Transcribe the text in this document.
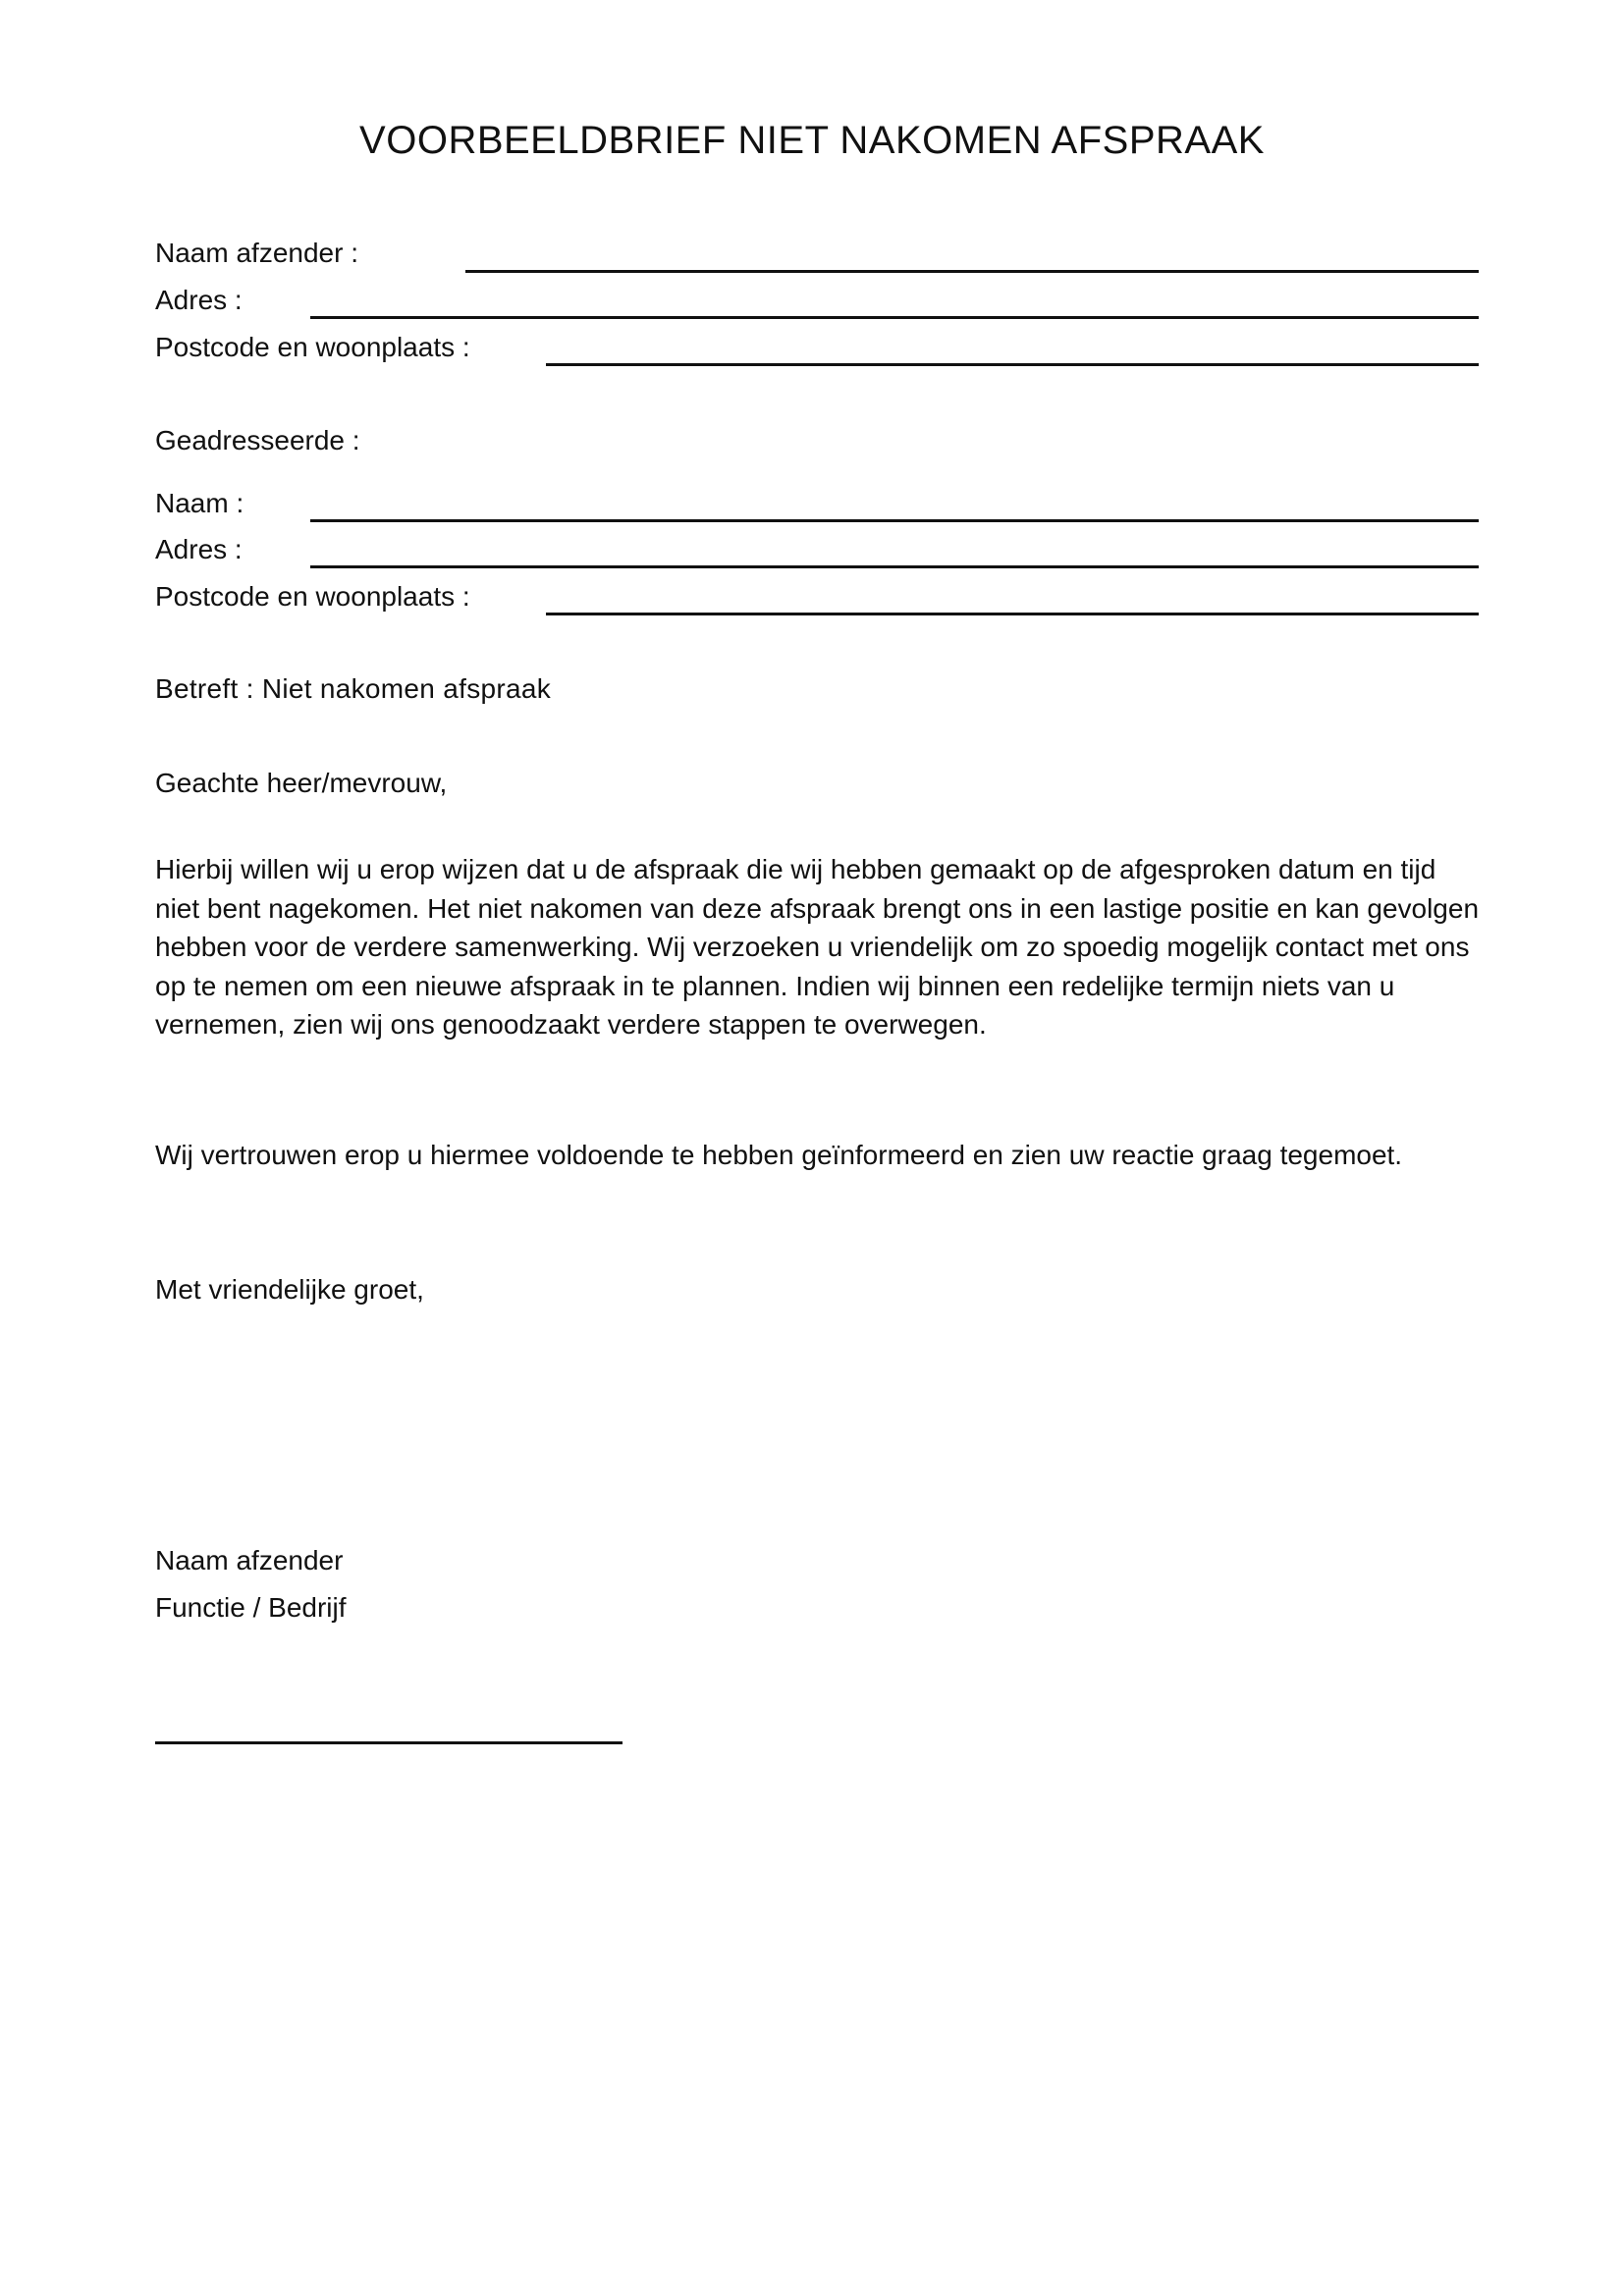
VOORBEELDBRIEF NIET NAKOMEN AFSPRAAK
Naam afzender :
Adres :
Postcode en woonplaats :
Geadresseerde :
Naam :
Adres :
Postcode en woonplaats :
Betreft : Niet nakomen afspraak
Geachte heer/mevrouw,
Hierbij willen wij u erop wijzen dat u de afspraak die wij hebben gemaakt op de afgesproken datum en tijd
niet bent nagekomen. Het niet nakomen van deze afspraak brengt ons in een lastige positie en kan gevolgen
hebben voor de verdere samenwerking. Wij verzoeken u vriendelijk om zo spoedig mogelijk contact met ons
op te nemen om een nieuwe afspraak in te plannen. Indien wij binnen een redelijke termijn niets van u
vernemen, zien wij ons genoodzaakt verdere stappen te overwegen.
Wij vertrouwen erop u hiermee voldoende te hebben geïnformeerd en zien uw reactie graag tegemoet.
Met vriendelijke groet,
Naam afzender
Functie / Bedrijf
